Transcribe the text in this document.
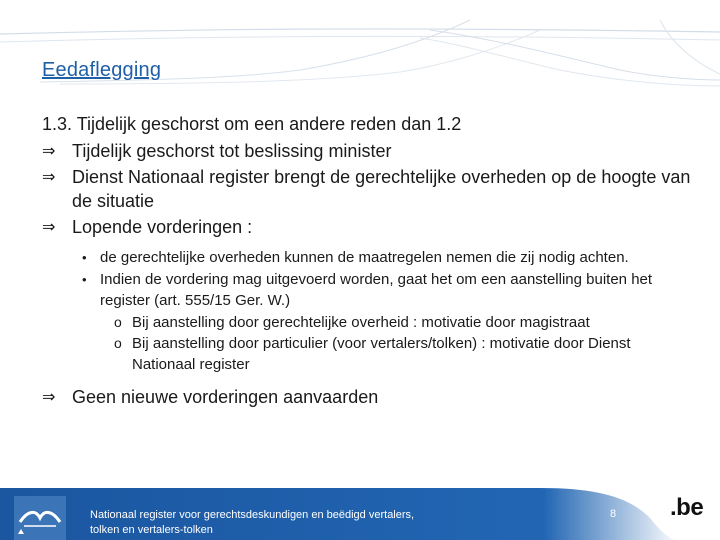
Eedaflegging

1.3. Tijdelijk geschorst om een andere reden dan 1.2

⇒ Tijdelijk geschorst tot beslissing minister
⇒ Dienst Nationaal register brengt de gerechtelijke overheden op de hoogte van de situatie
⇒ Lopende vorderingen :
• de gerechtelijke overheden kunnen de maatregelen nemen die zij nodig achten.
• Indien de vordering mag uitgevoerd worden, gaat het om een aanstelling buiten het register (art. 555/15 Ger. W.)
o Bij aanstelling door gerechtelijke overheid : motivatie door magistraat
o Bij aanstelling door particulier (voor vertalers/tolken) : motivatie door Dienst Nationaal register
⇒ Geen nieuwe vorderingen aanvaarden
Nationaal register voor gerechtsdeskundigen en beëdigd vertalers, tolken en vertalers-tolken
8 .be
